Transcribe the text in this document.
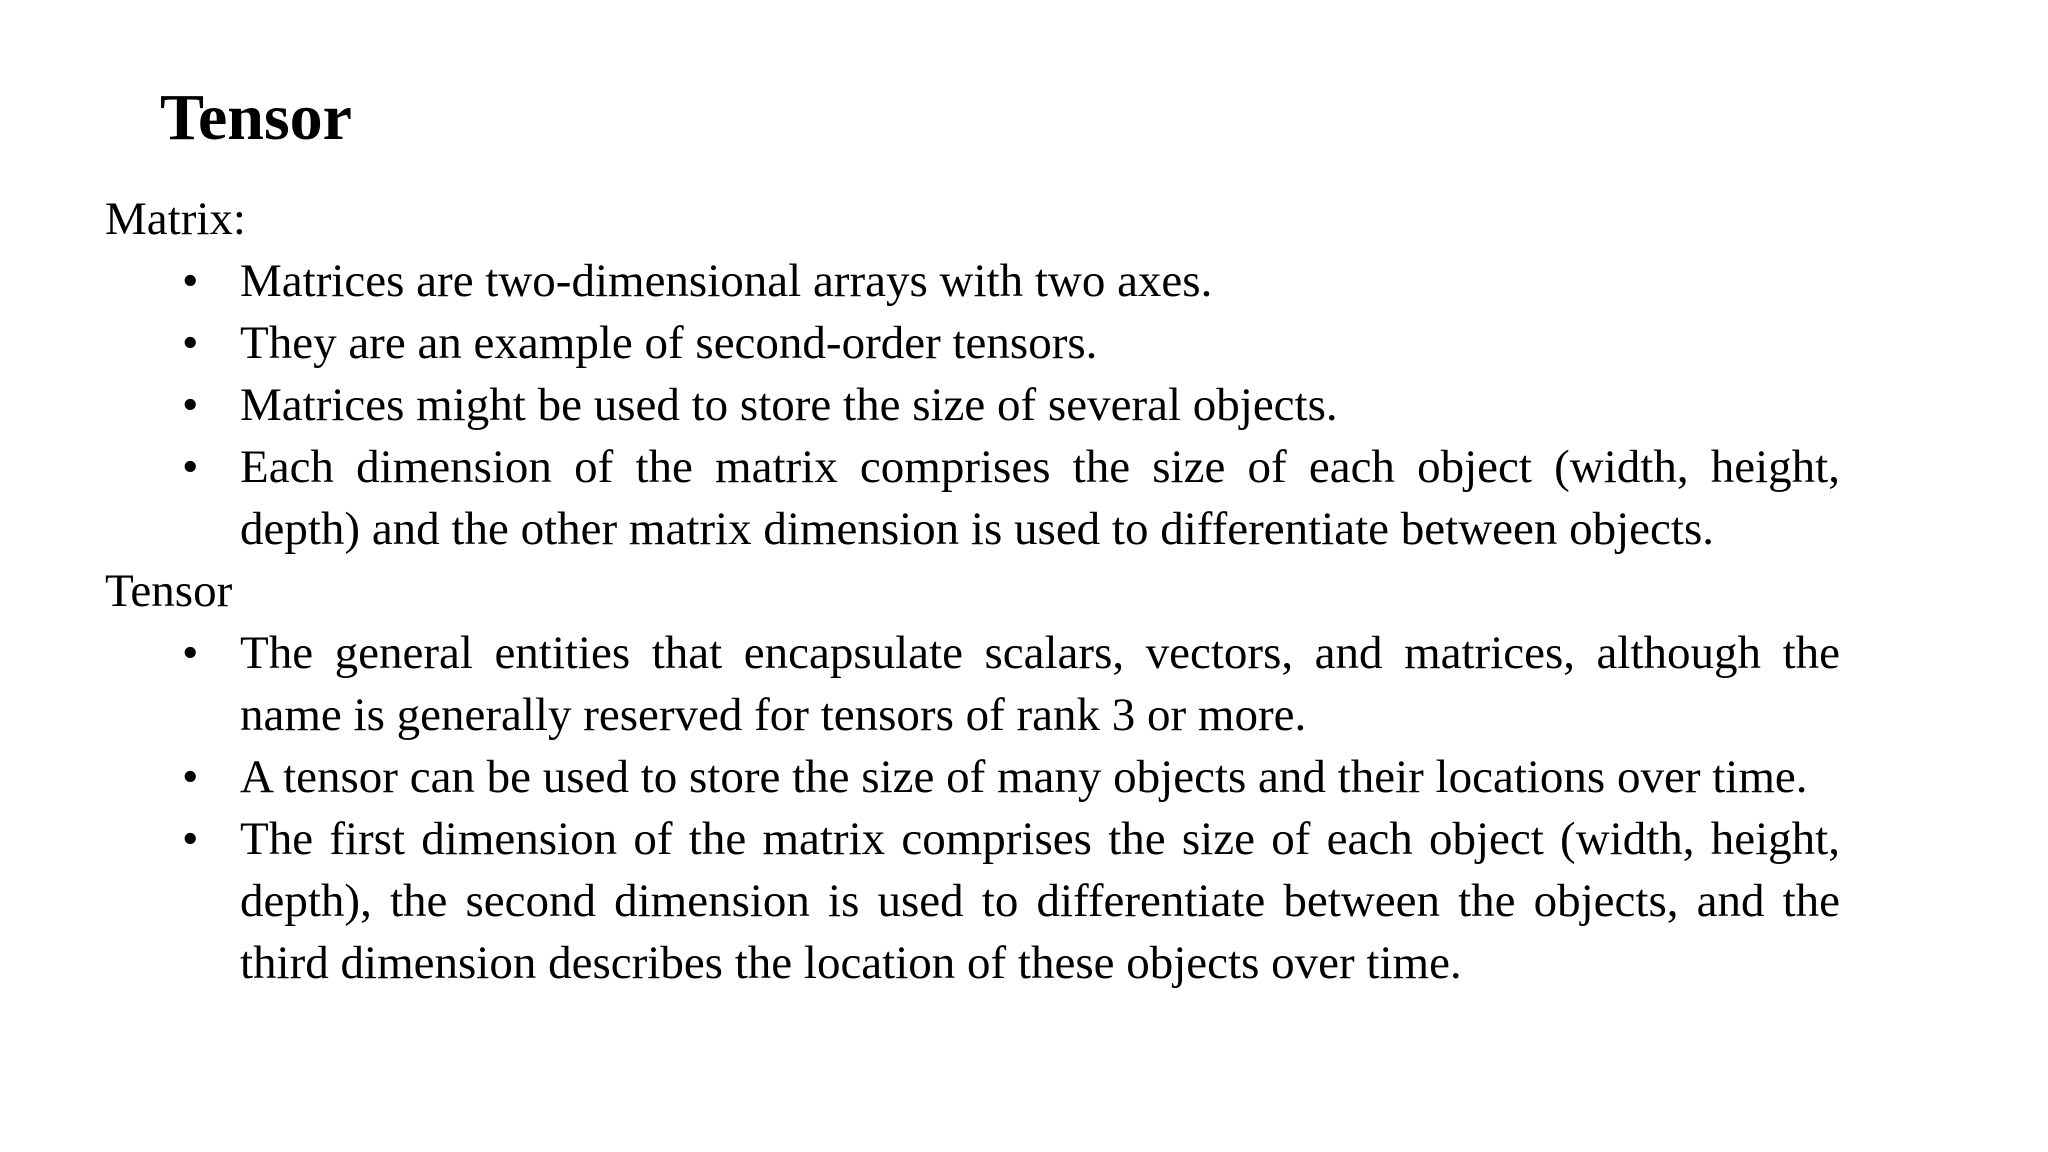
Tensor

Matrix:

• Matrices are two-dimensional arrays with two axes.
• They are an example of second-order tensors.
• Matrices might be used to store the size of several objects.
• Each dimension of the matrix comprises the size of each object (width, height, depth) and the other matrix dimension is used to differentiate between objects.

Tensor

• The general entities that encapsulate scalars, vectors, and matrices, although the name is generally reserved for tensors of rank 3 or more.
• A tensor can be used to store the size of many objects and their locations over time.
• The first dimension of the matrix comprises the size of each object (width, height, depth), the second dimension is used to differentiate between the objects, and the third dimension describes the location of these objects over time.
